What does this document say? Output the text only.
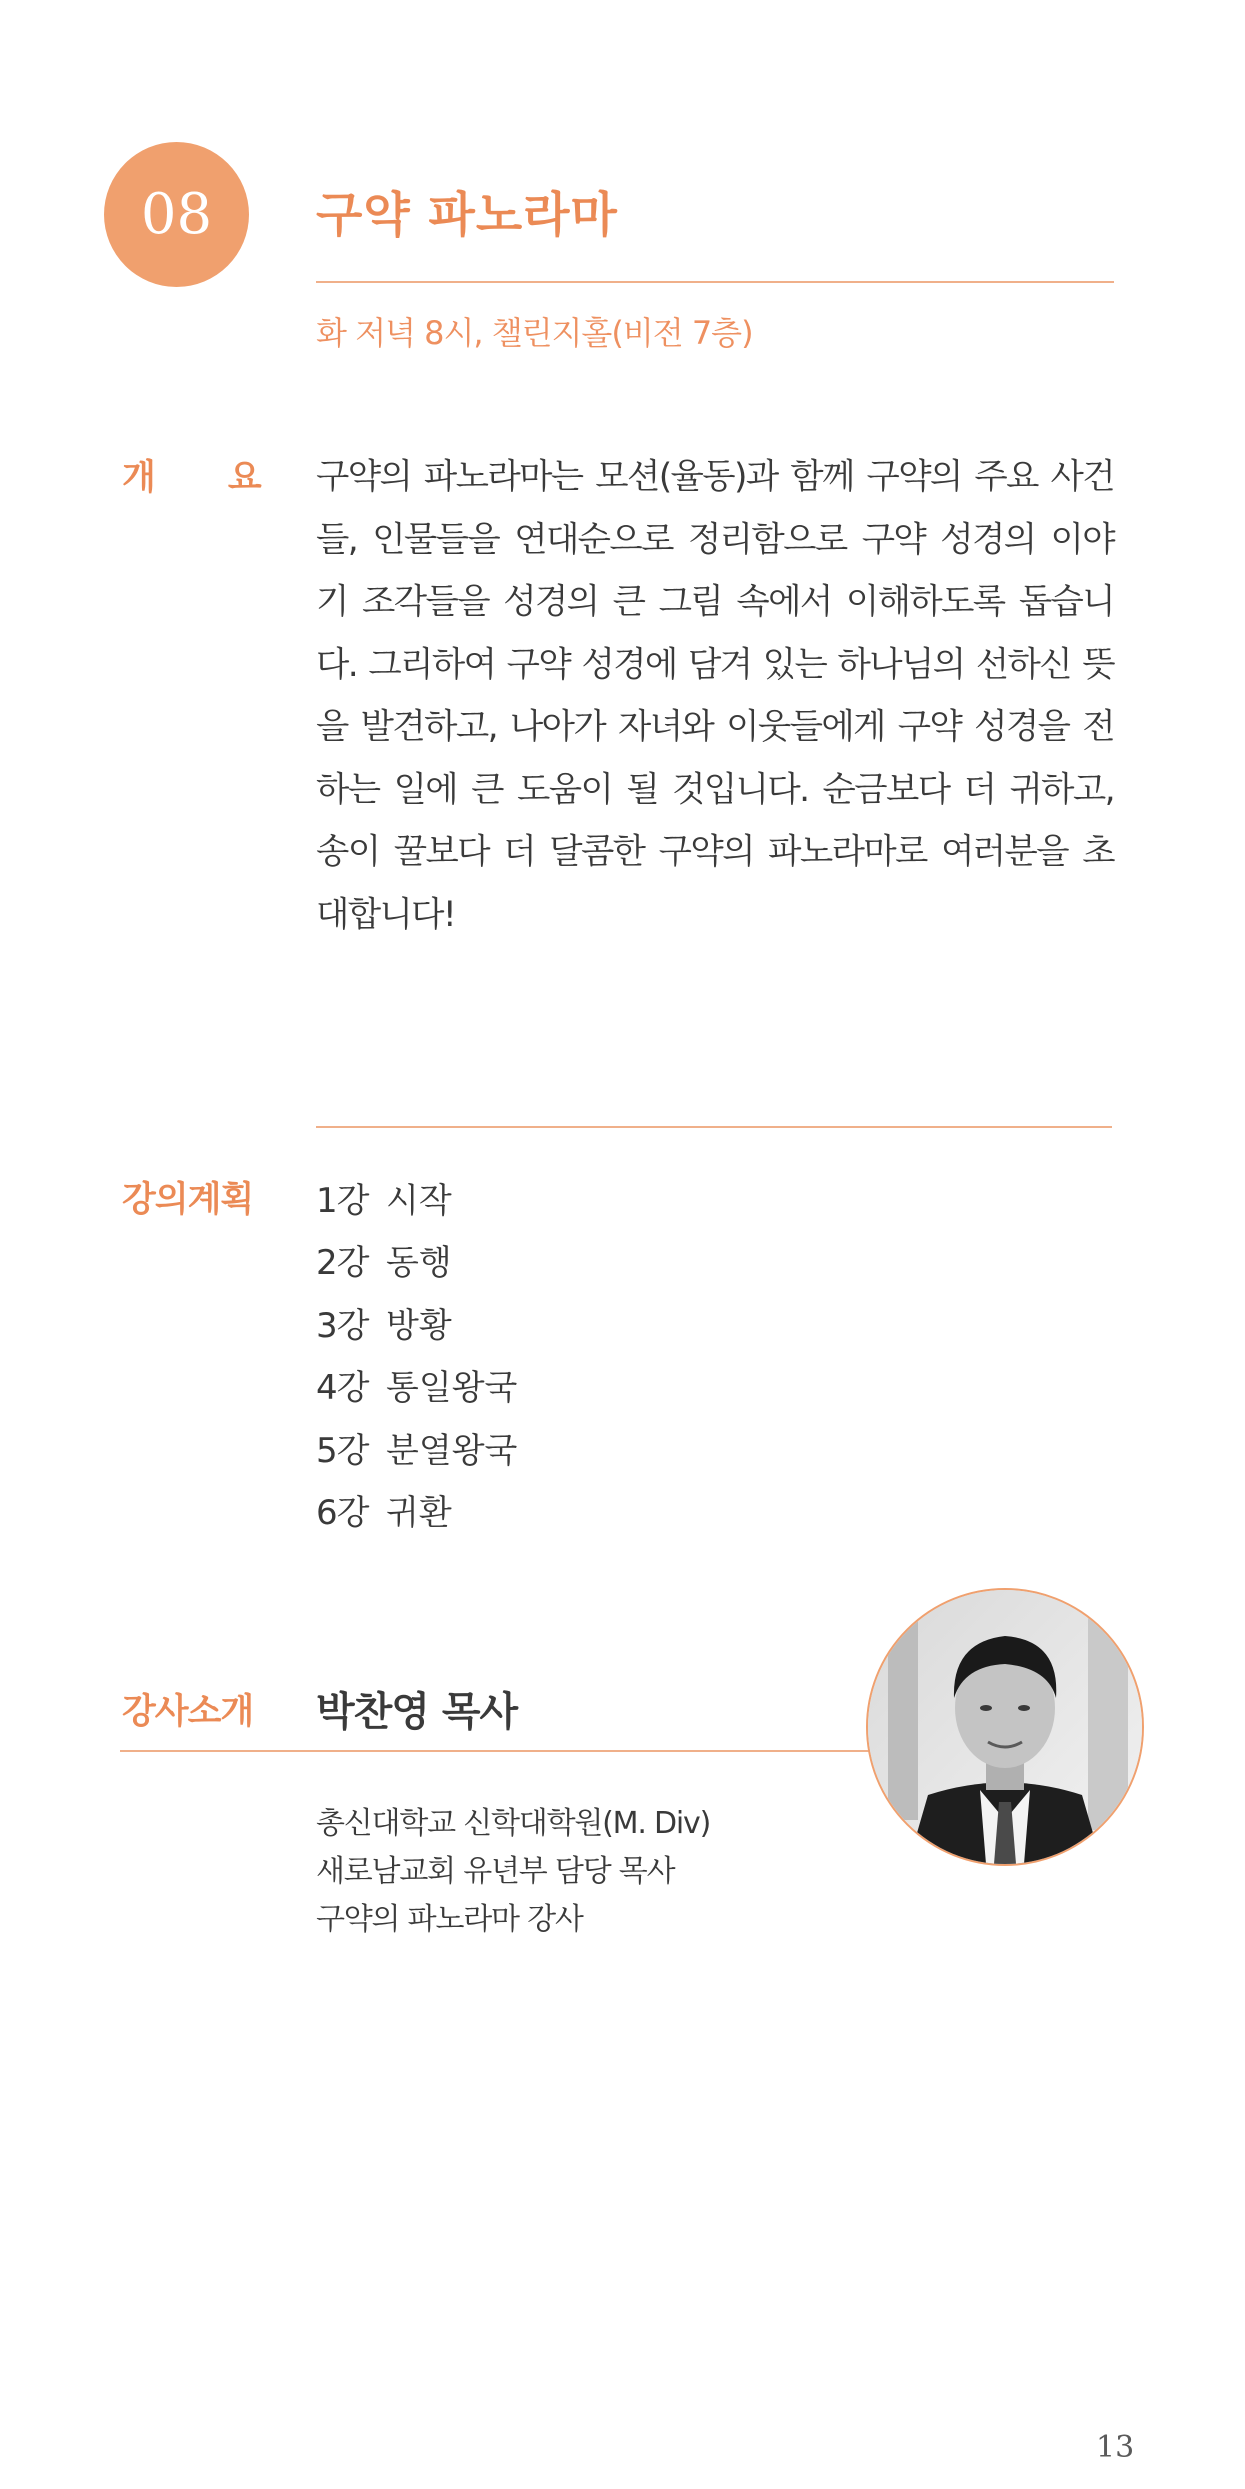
08 구약 파노라마
화 저녁 8시, 챌린지홀(비전 7층)
개 요 구약의 파노라마는 모션(율동)과 함께 구약의 주요 사건들, 인물들을 연대순으로 정리함으로 구약 성경의 이야기 조각들을 성경의 큰 그림 속에서 이해하도록 돕습니다. 그리하여 구약 성경에 담겨 있는 하나님의 선하신 뜻을 발견하고, 나아가 자녀와 이웃들에게 구약 성경을 전하는 일에 큰 도움이 될 것입니다. 순금보다 더 귀하고, 송이 꿀보다 더 달콤한 구약의 파노라마로 여러분을 초대합니다!

강의계획 1강 시작
2강 동행
3강 방황
4강 통일왕국
5강 분열왕국
6강 귀환
강사소개 박찬영 목사
총신대학교 신학대학원(M. Div)
새로남교회 유년부 담당 목사
구약의 파노라마 강사
13
